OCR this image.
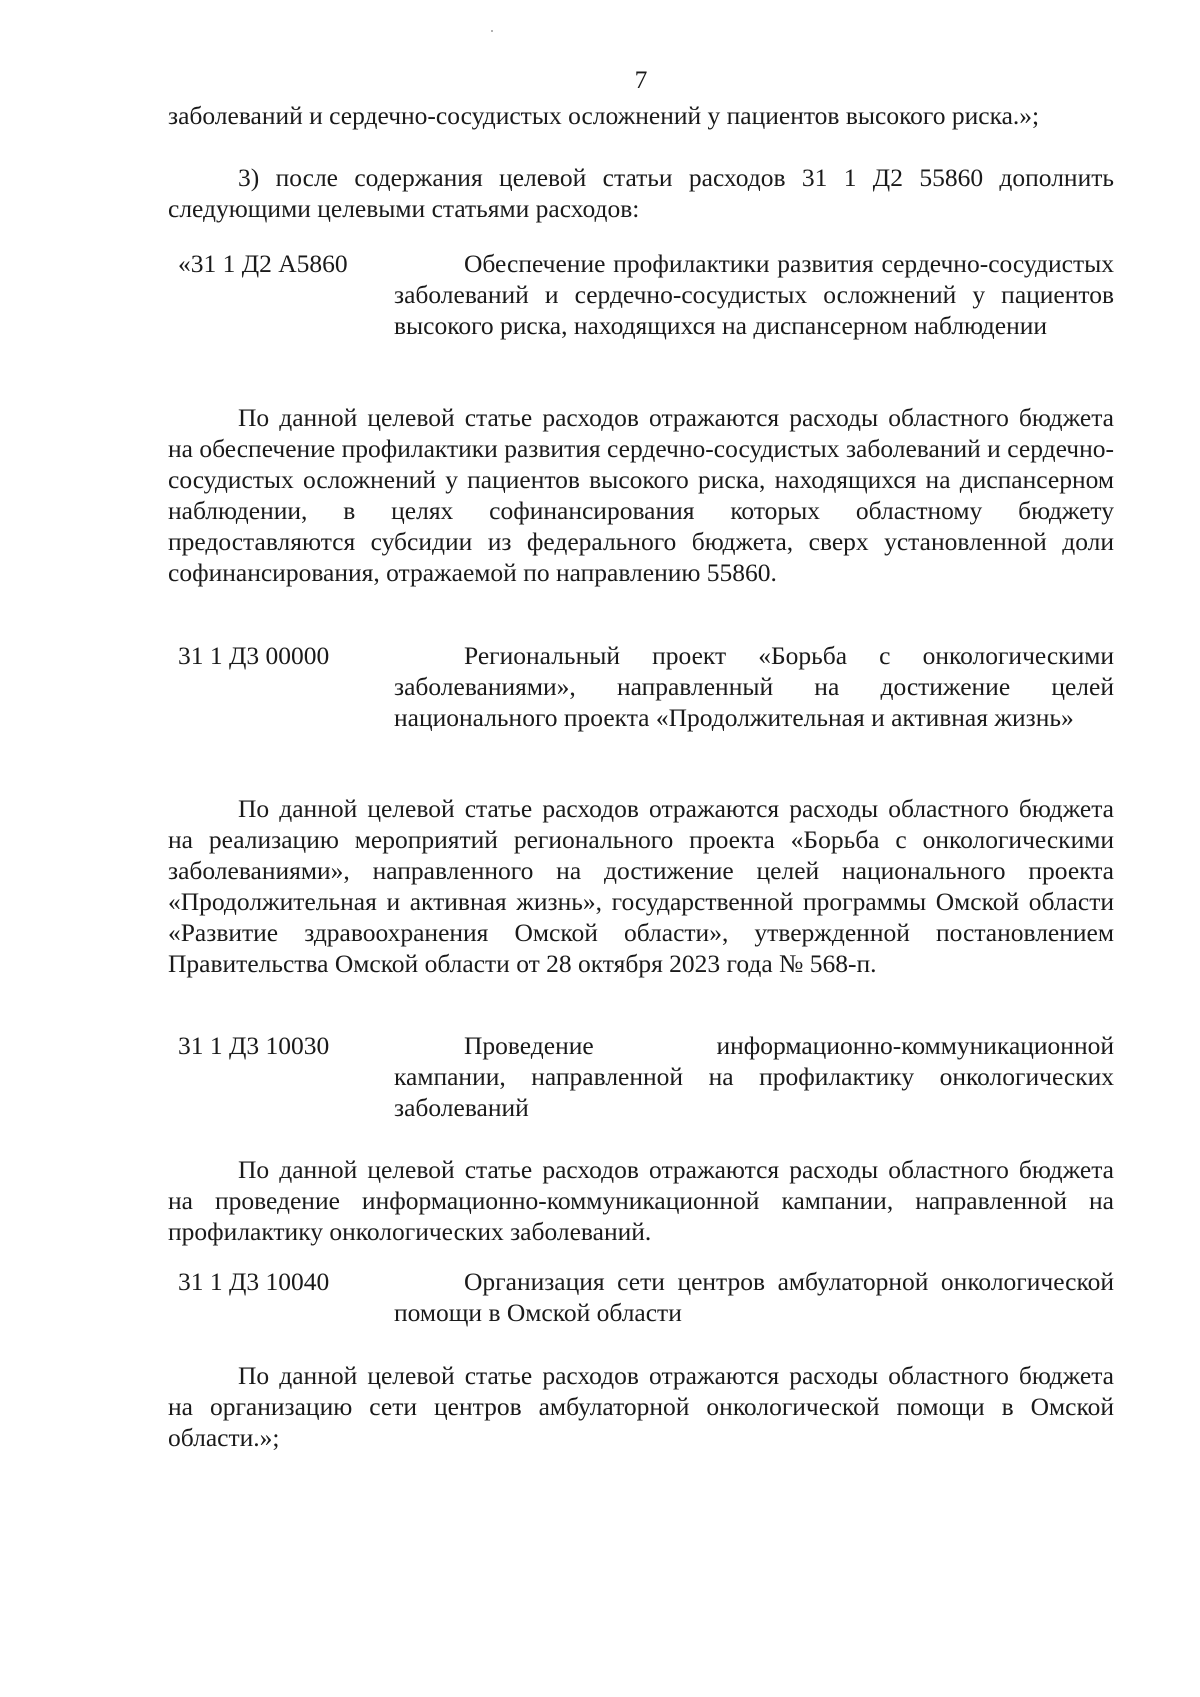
7

заболеваний и сердечно-сосудистых осложнений у пациентов высокого риска.»;

3) после содержания целевой статьи расходов 31 1 Д2 55860 дополнить следующими целевыми статьями расходов:

«31 1 Д2 А5860	Обеспечение профилактики развития сердечно-сосудистых заболеваний и сердечно-сосудистых осложнений у пациентов высокого риска, находящихся на диспансерном наблюдении

По данной целевой статье расходов отражаются расходы областного бюджета на обеспечение профилактики развития сердечно-сосудистых заболеваний и сердечно-сосудистых осложнений у пациентов высокого риска, находящихся на диспансерном наблюдении, в целях софинансирования которых областному бюджету предоставляются субсидии из федерального бюджета, сверх установленной доли софинансирования, отражаемой по направлению 55860.

31 1 Д3 00000	Региональный проект «Борьба с онкологическими заболеваниями», направленный на достижение целей национального проекта «Продолжительная и активная жизнь»

По данной целевой статье расходов отражаются расходы областного бюджета на реализацию мероприятий регионального проекта «Борьба с онкологическими заболеваниями», направленного на достижение целей национального проекта «Продолжительная и активная жизнь», государственной программы Омской области «Развитие здравоохранения Омской области», утвержденной постановлением Правительства Омской области от 28 октября 2023 года № 568-п.

31 1 Д3 10030	Проведение информационно-коммуникационной кампании, направленной на профилактику онкологических заболеваний

По данной целевой статье расходов отражаются расходы областного бюджета на проведение информационно-коммуникационной кампании, направленной на профилактику онкологических заболеваний.

31 1 Д3 10040	Организация сети центров амбулаторной онкологической помощи в Омской области

По данной целевой статье расходов отражаются расходы областного бюджета на организацию сети центров амбулаторной онкологической помощи в Омской области.»;
